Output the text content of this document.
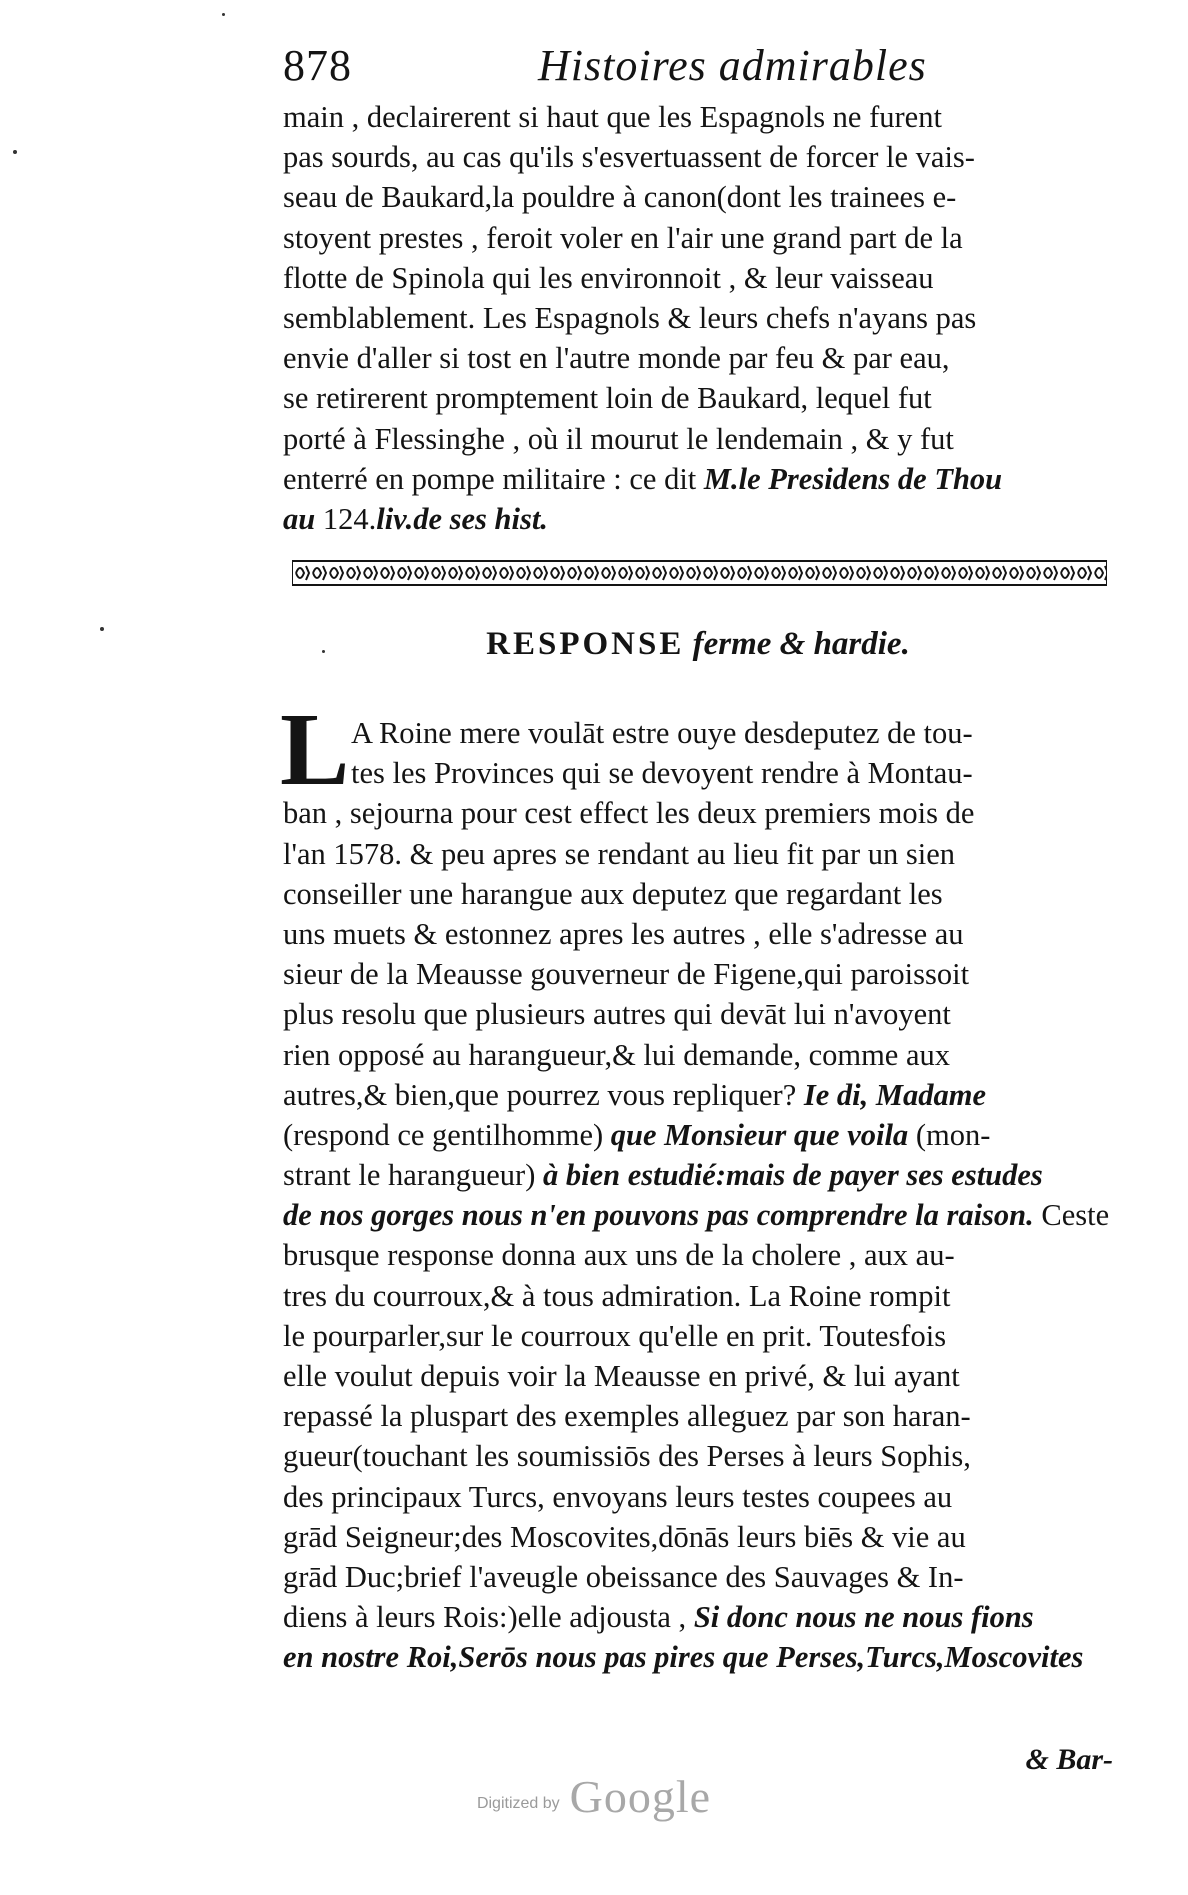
878	Histoires admirables
main , declairerent si haut que les Espagnols ne furent
pas sourds, au cas qu'ils s'esvertuassent de forcer le vais-
seau de Baukard,la pouldre à canon(dont les trainees e-
stoyent prestes , feroit voler en l'air une grand part de la
flotte de Spinola qui les environnoit , & leur vaisseau
semblablement. Les Espagnols & leurs chefs n'ayans pas
envie d'aller si tost en l'autre monde par feu & par eau,
se retirerent promptement loin de Baukard, lequel fut
porté à Flessinghe , où il mourut le lendemain , & y fut
enterré en pompe militaire : ce dit M.le Presidens de Thou
au 124.liv.de ses hist.
RESPONSE ferme & hardie.
L A Roine mere voulāt estre ouye desdeputez de tou-
tes les Provinces qui se devoyent rendre à Montau-
ban , sejourna pour cest effect les deux premiers mois de
l'an 1578. & peu apres se rendant au lieu fit par un sien
conseiller une harangue aux deputez que regardant les
uns muets & estonnez apres les autres , elle s'adresse au
sieur de la Meausse gouverneur de Figene,qui paroissoit
plus resolu que plusieurs autres qui devāt lui n'avoyent
rien opposé au harangueur,& lui demande, comme aux
autres,& bien,que pourrez vous repliquer? Ie di, Madame
(respond ce gentilhomme) que Monsieur que voila (mon-
strant le harangueur) à bien estudié:mais de payer ses estudes
de nos gorges nous n'en pouvons pas comprendre la raison. Ceste
brusque response donna aux uns de la cholere , aux au-
tres du courroux,& à tous admiration. La Roine rompit
le pourparler,sur le courroux qu'elle en prit. Toutesfois
elle voulut depuis voir la Meausse en privé, & lui ayant
repassé la pluspart des exemples alleguez par son haran-
gueur(touchant les soumissiōs des Perses à leurs Sophis,
des principaux Turcs, envoyans leurs testes coupees au
grād Seigneur;des Moscovites,dōnās leurs biēs & vie au
grād Duc;brief l'aveugle obeissance des Sauvages & In-
diens à leurs Rois:)elle adjousta , Si donc nous ne nous fions
en nostre Roi,Serōs nous pas pires que Perses,Turcs,Moscovites
& Bar-
Digitized by Google
